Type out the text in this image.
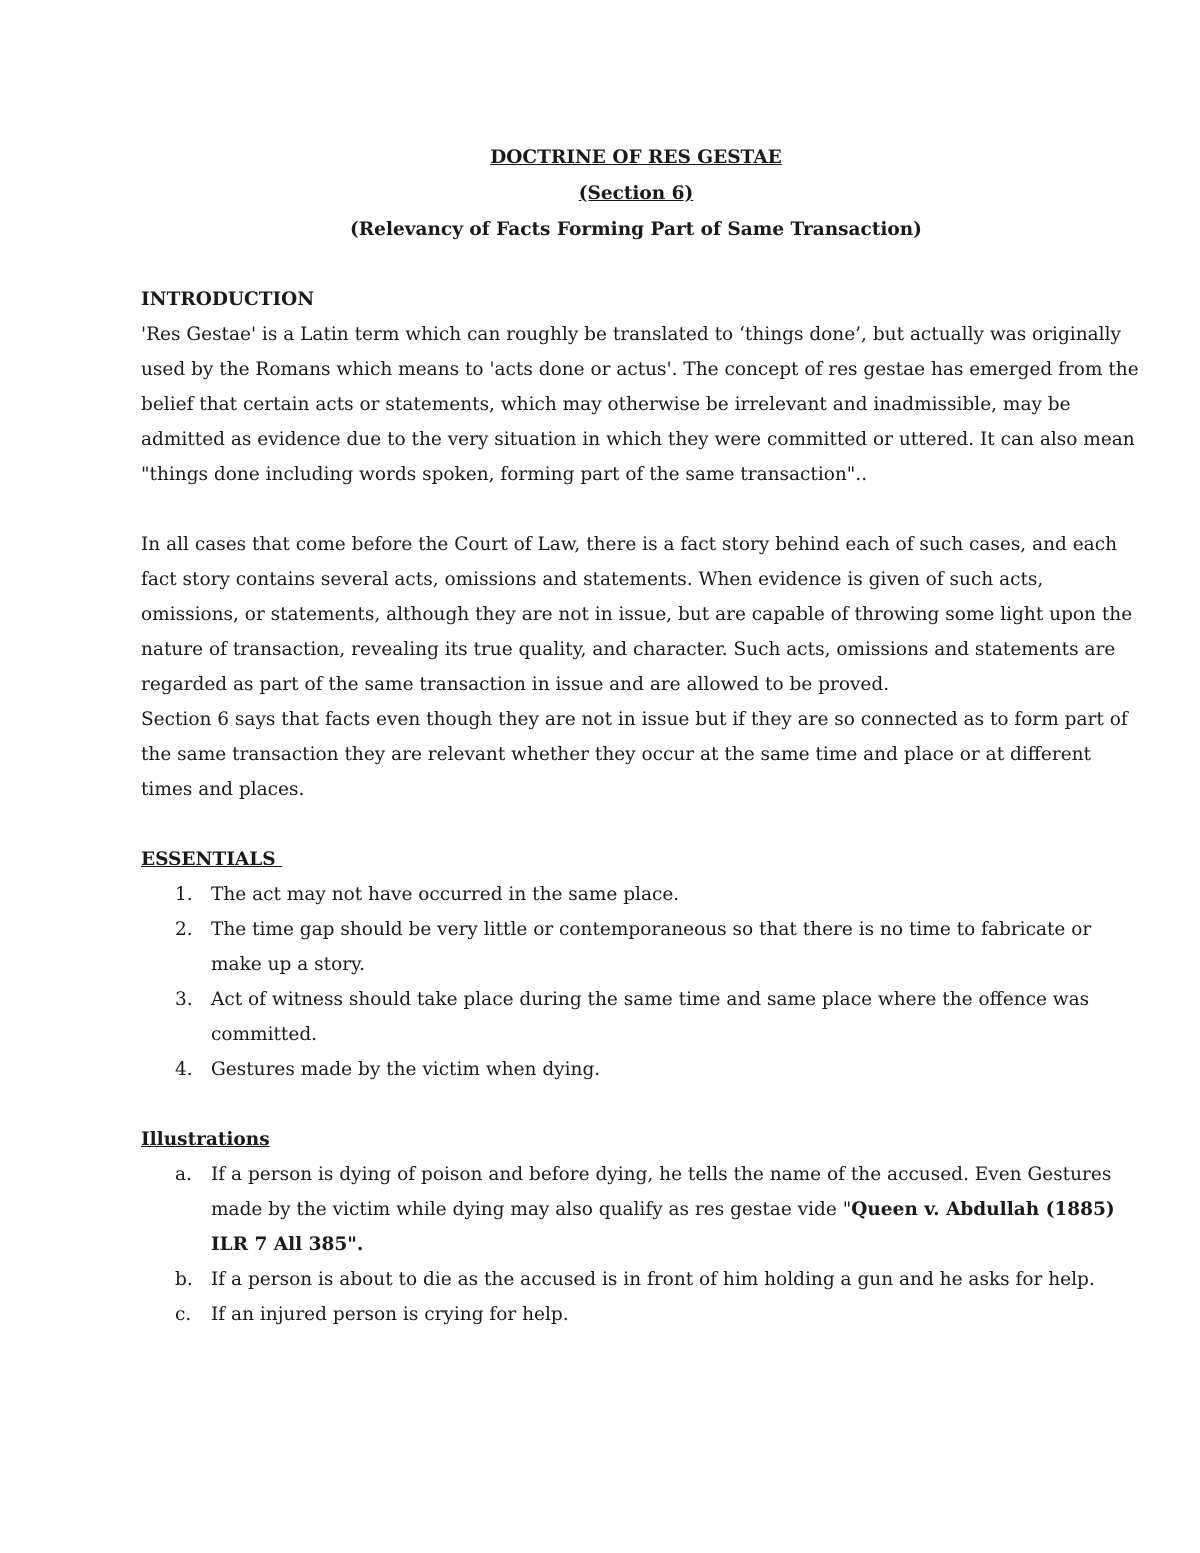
DOCTRINE OF RES GESTAE
(Section 6)
(Relevancy of Facts Forming Part of Same Transaction)
INTRODUCTION

'Res Gestae' is a Latin term which can roughly be translated to ‘things done’, but actually was originally used by the Romans which means to 'acts done or actus'. The concept of res gestae has emerged from the belief that certain acts or statements, which may otherwise be irrelevant and inadmissible, may be admitted as evidence due to the very situation in which they were committed or uttered. It can also mean "things done including words spoken, forming part of the same transaction"..

In all cases that come before the Court of Law, there is a fact story behind each of such cases, and each fact story contains several acts, omissions and statements. When evidence is given of such acts, omissions, or statements, although they are not in issue, but are capable of throwing some light upon the nature of transaction, revealing its true quality, and character. Such acts, omissions and statements are regarded as part of the same transaction in issue and are allowed to be proved.

Section 6 says that facts even though they are not in issue but if they are so connected as to form part of the same transaction they are relevant whether they occur at the same time and place or at different times and places.

ESSENTIALS
1. The act may not have occurred in the same place.
2. The time gap should be very little or contemporaneous so that there is no time to fabricate or make up a story.
3. Act of witness should take place during the same time and same place where the offence was committed.
4. Gestures made by the victim when dying.
Illustrations
a. If a person is dying of poison and before dying, he tells the name of the accused. Even Gestures made by the victim while dying may also qualify as res gestae vide "Queen v. Abdullah (1885) ILR 7 All 385".
b. If a person is about to die as the accused is in front of him holding a gun and he asks for help.
c. If an injured person is crying for help.
